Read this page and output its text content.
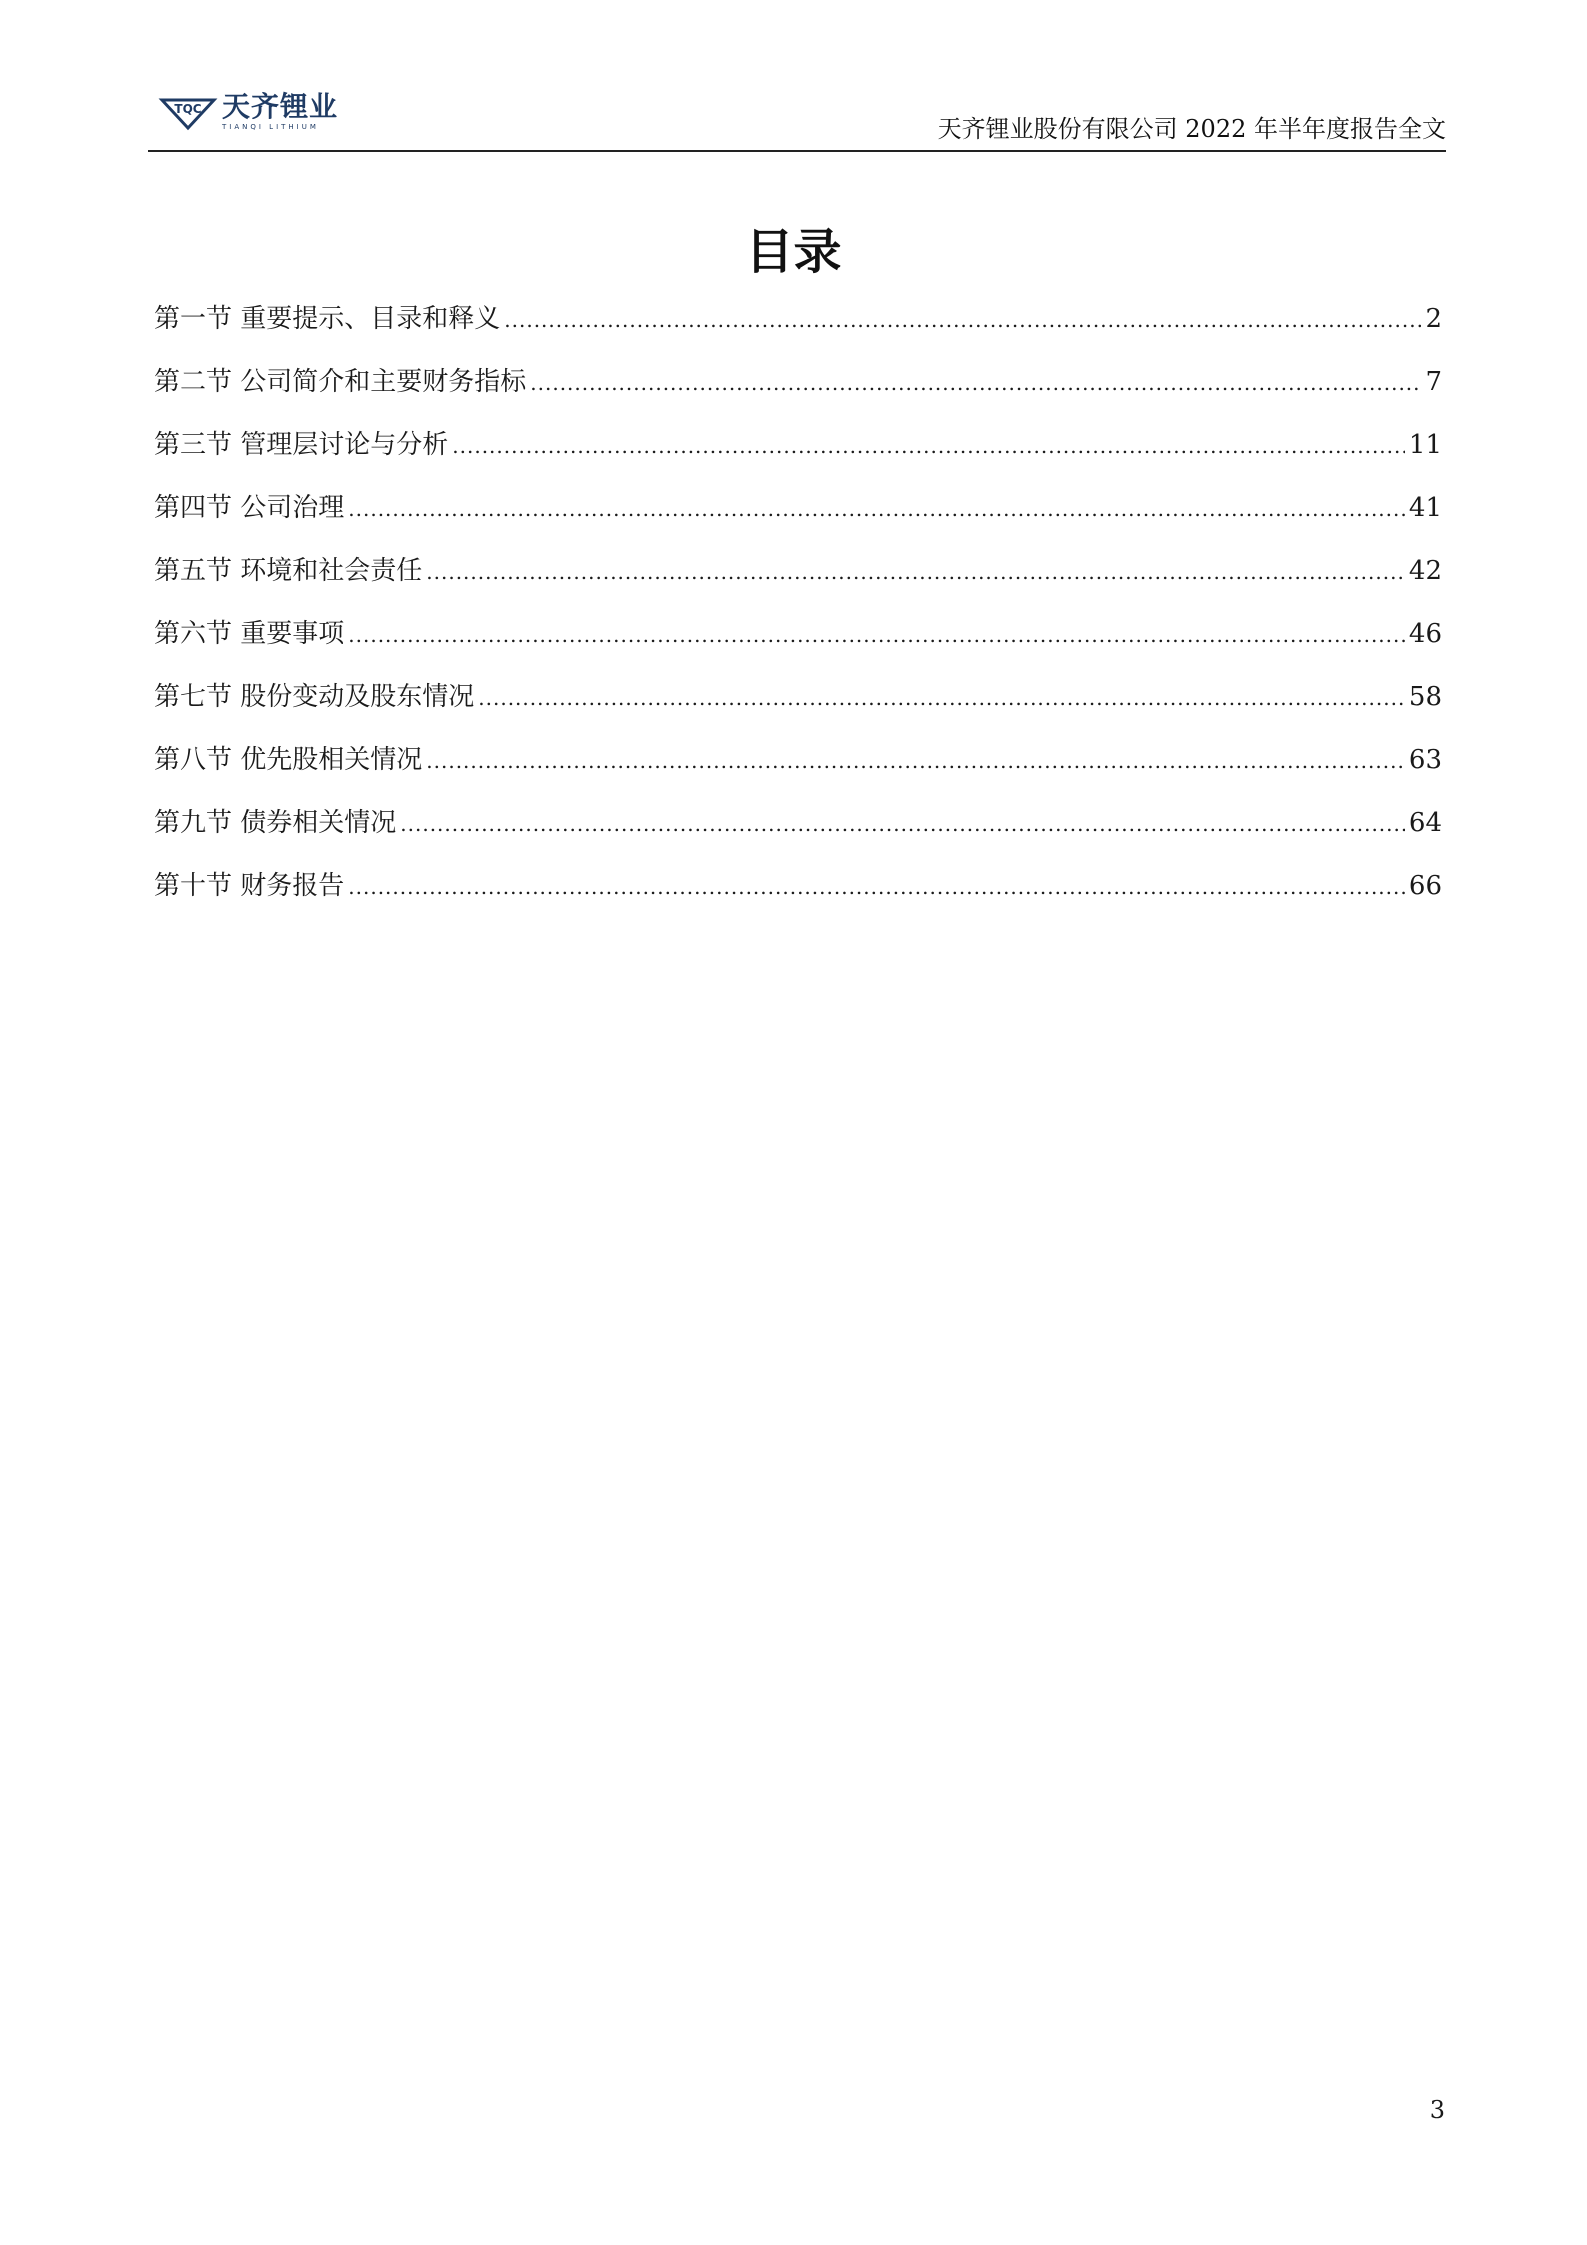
TQC 天齐锂业
TIANQI LITHIUM	天齐锂业股份有限公司 2022 年半年度报告全文
目录
第一节 重要提示、目录和释义 .....	2
第二节 公司简介和主要财务指标 .....	7
第三节 管理层讨论与分析 .....	11
第四节 公司治理 .....	41
第五节 环境和社会责任 .....	42
第六节 重要事项 .....	46
第七节 股份变动及股东情况 .....	58
第八节 优先股相关情况 .....	63
第九节 债券相关情况 .....	64
第十节 财务报告 .....	66
3
